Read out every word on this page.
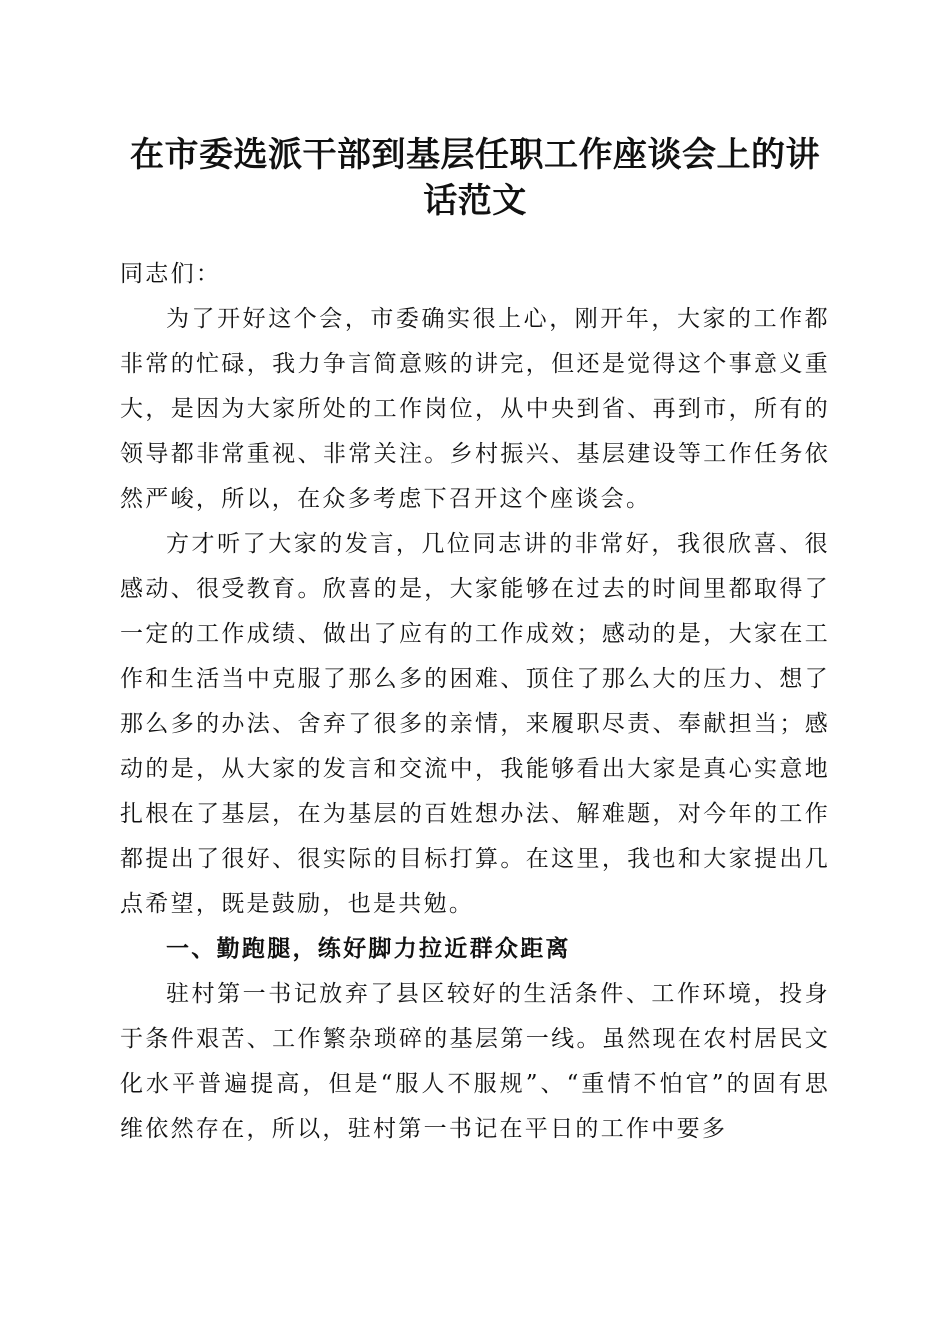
在市委选派干部到基层任职工作座谈会上的讲话范文

同志们：

为了开好这个会，市委确实很上心，刚开年，大家的工作都非常的忙碌，我力争言简意赅的讲完，但还是觉得这个事意义重大，是因为大家所处的工作岗位，从中央到省、再到市，所有的领导都非常重视、非常关注。乡村振兴、基层建设等工作任务依然严峻，所以，在众多考虑下召开这个座谈会。

方才听了大家的发言，几位同志讲的非常好，我很欣喜、很感动、很受教育。欣喜的是，大家能够在过去的时间里都取得了一定的工作成绩、做出了应有的工作成效；感动的是，大家在工作和生活当中克服了那么多的困难、顶住了那么大的压力、想了那么多的办法、舍弃了很多的亲情，来履职尽责、奉献担当；感动的是，从大家的发言和交流中，我能够看出大家是真心实意地扎根在了基层，在为基层的百姓想办法、解难题，对今年的工作都提出了很好、很实际的目标打算。在这里，我也和大家提出几点希望，既是鼓励，也是共勉。

一、勤跑腿，练好脚力拉近群众距离

驻村第一书记放弃了县区较好的生活条件、工作环境，投身于条件艰苦、工作繁杂琐碎的基层第一线。虽然现在农村居民文化水平普遍提高，但是“服人不服规”、“重情不怕官”的固有思维依然存在，所以，驻村第一书记在平日的工作中要多
